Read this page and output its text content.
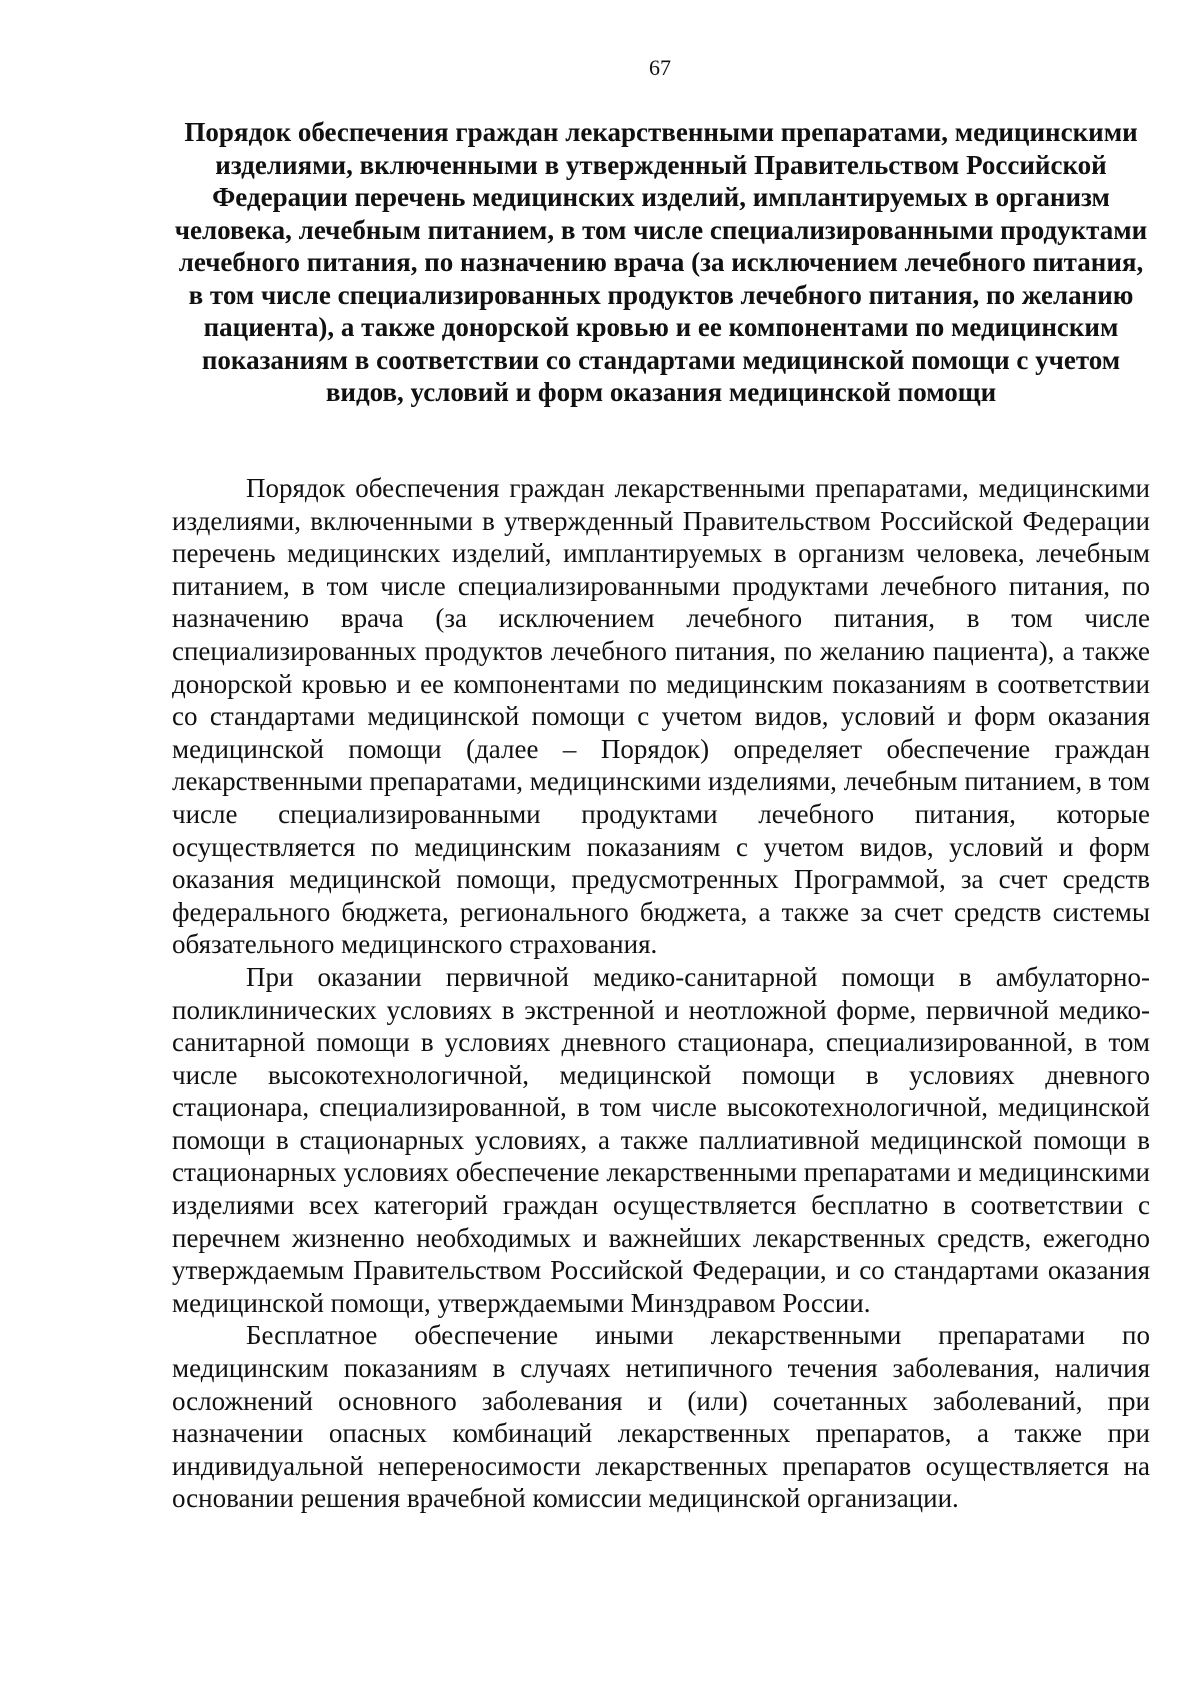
67
Порядок обеспечения граждан лекарственными препаратами, медицинскими изделиями, включенными в утвержденный Правительством Российской Федерации перечень медицинских изделий, имплантируемых в организм человека, лечебным питанием, в том числе специализированными продуктами лечебного питания, по назначению врача (за исключением лечебного питания, в том числе специализированных продуктов лечебного питания, по желанию пациента), а также донорской кровью и ее компонентами по медицинским показаниям в соответствии со стандартами медицинской помощи с учетом видов, условий и форм оказания медицинской помощи

Порядок обеспечения граждан лекарственными препаратами, медицинскими изделиями, включенными в утвержденный Правительством Российской Федерации перечень медицинских изделий, имплантируемых в организм человека, лечебным питанием, в том числе специализированными продуктами лечебного питания, по назначению врача (за исключением лечебного питания, в том числе специализированных продуктов лечебного питания, по желанию пациента), а также донорской кровью и ее компонентами по медицинским показаниям в соответствии со стандартами медицинской помощи с учетом видов, условий и форм оказания медицинской помощи (далее – Порядок) определяет обеспечение граждан лекарственными препаратами, медицинскими изделиями, лечебным питанием, в том числе специализированными продуктами лечебного питания, которые осуществляется по медицинским показаниям с учетом видов, условий и форм оказания медицинской помощи, предусмотренных Программой, за счет средств федерального бюджета, регионального бюджета, а также за счет средств системы обязательного медицинского страхования.

При оказании первичной медико-санитарной помощи в амбулаторно-поликлинических условиях в экстренной и неотложной форме, первичной медико-санитарной помощи в условиях дневного стационара, специализированной, в том числе высокотехнологичной, медицинской помощи в условиях дневного стационара, специализированной, в том числе высокотехнологичной, медицинской помощи в стационарных условиях, а также паллиативной медицинской помощи в стационарных условиях обеспечение лекарственными препаратами и медицинскими изделиями всех категорий граждан осуществляется бесплатно в соответствии с перечнем жизненно необходимых и важнейших лекарственных средств, ежегодно утверждаемым Правительством Российской Федерации, и со стандартами оказания медицинской помощи, утверждаемыми Минздравом России.

Бесплатное обеспечение иными лекарственными препаратами по медицинским показаниям в случаях нетипичного течения заболевания, наличия осложнений основного заболевания и (или) сочетанных заболеваний, при назначении опасных комбинаций лекарственных препаратов, а также при индивидуальной непереносимости лекарственных препаратов осуществляется на основании решения врачебной комиссии медицинской организации.
